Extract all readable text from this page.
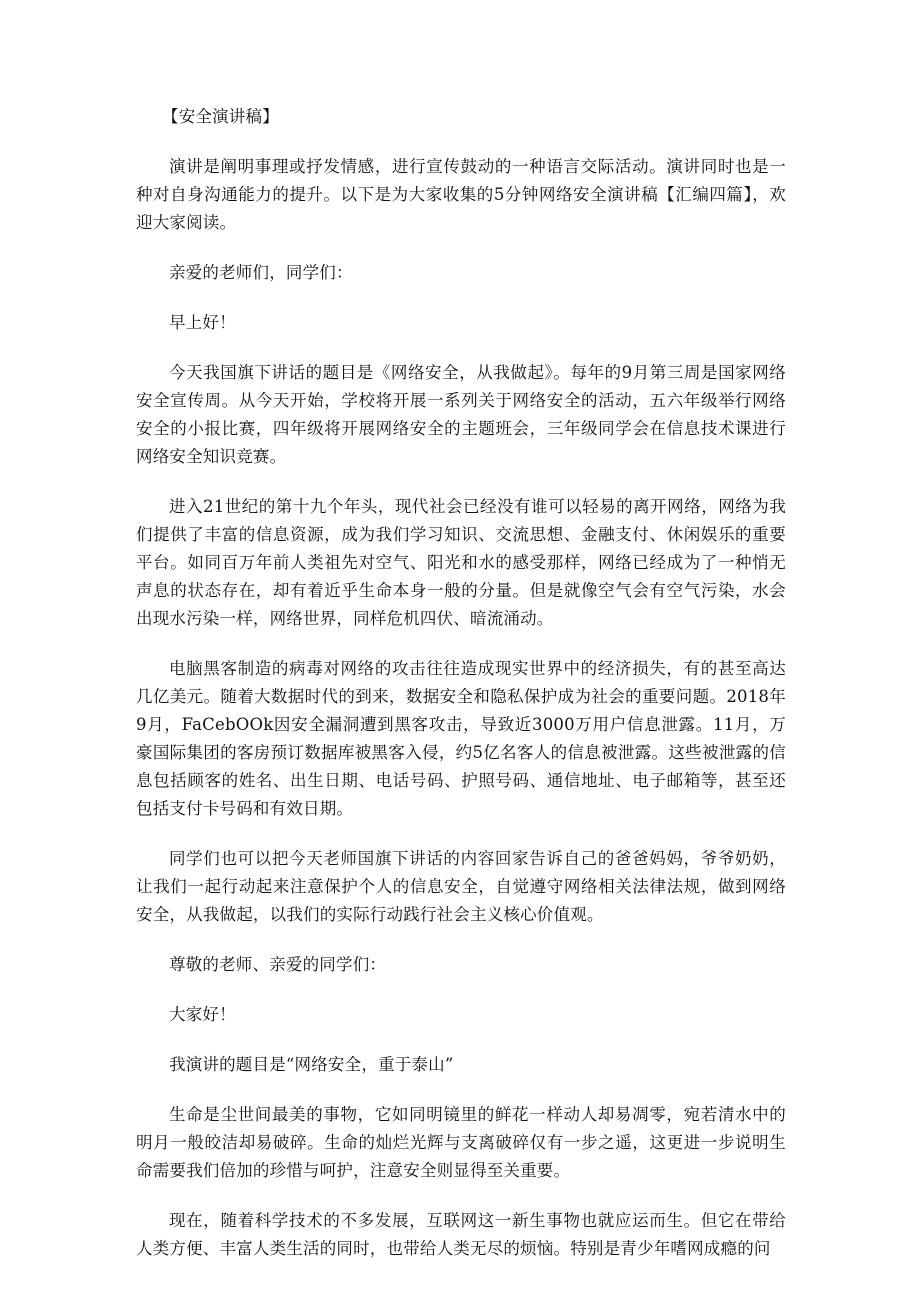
【安全演讲稿】

演讲是阐明事理或抒发情感，进行宣传鼓动的一种语言交际活动。演讲同时也是一种对自身沟通能力的提升。以下是为大家收集的5分钟网络安全演讲稿【汇编四篇】，欢迎大家阅读。

亲爱的老师们，同学们：

早上好！

今天我国旗下讲话的题目是《网络安全，从我做起》。每年的9月第三周是国家网络安全宣传周。从今天开始，学校将开展一系列关于网络安全的活动，五六年级举行网络安全的小报比赛，四年级将开展网络安全的主题班会，三年级同学会在信息技术课进行网络安全知识竞赛。

进入21世纪的第十九个年头，现代社会已经没有谁可以轻易的离开网络，网络为我们提供了丰富的信息资源，成为我们学习知识、交流思想、金融支付、休闲娱乐的重要平台。如同百万年前人类祖先对空气、阳光和水的感受那样，网络已经成为了一种悄无声息的状态存在，却有着近乎生命本身一般的分量。但是就像空气会有空气污染，水会出现水污染一样，网络世界，同样危机四伏、暗流涌动。

电脑黑客制造的病毒对网络的攻击往往造成现实世界中的经济损失，有的甚至高达几亿美元。随着大数据时代的到来，数据安全和隐私保护成为社会的重要问题。2018年9月，FaCebOOk因安全漏洞遭到黑客攻击，导致近3000万用户信息泄露。11月，万豪国际集团的客房预订数据库被黑客入侵，约5亿名客人的信息被泄露。这些被泄露的信息包括顾客的姓名、出生日期、电话号码、护照号码、通信地址、电子邮箱等，甚至还包括支付卡号码和有效日期。

同学们也可以把今天老师国旗下讲话的内容回家告诉自己的爸爸妈妈，爷爷奶奶，让我们一起行动起来注意保护个人的信息安全，自觉遵守网络相关法律法规，做到网络安全，从我做起，以我们的实际行动践行社会主义核心价值观。

尊敬的老师、亲爱的同学们：

大家好！

我演讲的题目是“网络安全，重于泰山”

生命是尘世间最美的事物，它如同明镜里的鲜花一样动人却易凋零，宛若清水中的明月一般皎洁却易破碎。生命的灿烂光辉与支离破碎仅有一步之遥，这更进一步说明生命需要我们倍加的珍惜与呵护，注意安全则显得至关重要。

现在，随着科学技术的不多发展，互联网这一新生事物也就应运而生。但它在带给人类方便、丰富人类生活的同时，也带给人类无尽的烦恼。特别是青少年嗜网成瘾的问
